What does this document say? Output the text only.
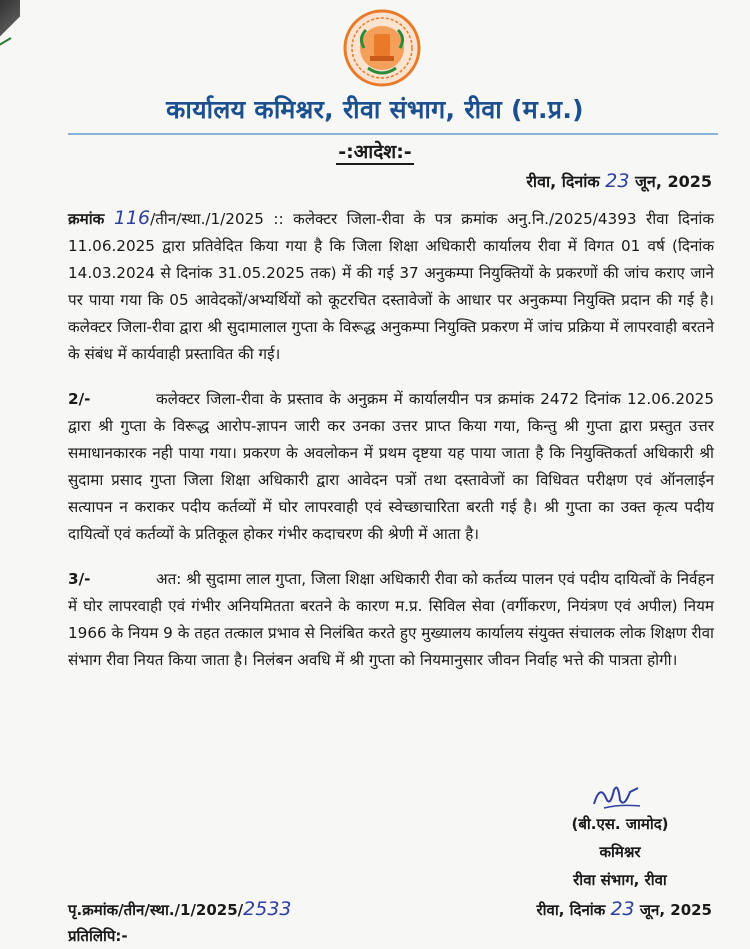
कार्यालय कमिश्नर, रीवा संभाग, रीवा (म.प्र.)
-:आदेश:-
रीवा, दिनांक 23 जून, 2025

क्रमांक 116/तीन/स्था./1/2025 :: कलेक्टर जिला-रीवा के पत्र क्रमांक अनु.नि./2025/4393 रीवा दिनांक 11.06.2025 द्वारा प्रतिवेदित किया गया है कि जिला शिक्षा अधिकारी कार्यालय रीवा में विगत 01 वर्ष (दिनांक 14.03.2024 से दिनांक 31.05.2025 तक) में की गई 37 अनुकम्पा नियुक्तियों के प्रकरणों की जांच कराए जाने पर पाया गया कि 05 आवेदकों/अभ्यर्थियों को कूटरचित दस्तावेजों के आधार पर अनुकम्पा नियुक्ति प्रदान की गई है। कलेक्टर जिला-रीवा द्वारा श्री सुदामालाल गुप्ता के विरूद्ध अनुकम्पा नियुक्ति प्रकरण में जांच प्रक्रिया में लापरवाही बरतने के संबंध में कार्यवाही प्रस्तावित की गई।

2/-	कलेक्टर जिला-रीवा के प्रस्ताव के अनुक्रम में कार्यालयीन पत्र क्रमांक 2472 दिनांक 12.06.2025 द्वारा श्री गुप्ता के विरूद्ध आरोप-ज्ञापन जारी कर उनका उत्तर प्राप्त किया गया, किन्तु श्री गुप्ता द्वारा प्रस्तुत उत्तर समाधानकारक नही पाया गया। प्रकरण के अवलोकन में प्रथम दृष्टया यह पाया जाता है कि नियुक्तिकर्ता अधिकारी श्री सुदामा प्रसाद गुप्ता जिला शिक्षा अधिकारी द्वारा आवेदन पत्रों तथा दस्तावेजों का विधिवत परीक्षण एवं ऑनलाईन सत्यापन न कराकर पदीय कर्तव्यों में घोर लापरवाही एवं स्वेच्छाचारिता बरती गई है। श्री गुप्ता का उक्त कृत्य पदीय दायित्वों एवं कर्तव्यों के प्रतिकूल होकर गंभीर कदाचरण की श्रेणी में आता है।

3/-	अत: श्री सुदामा लाल गुप्ता, जिला शिक्षा अधिकारी रीवा को कर्तव्य पालन एवं पदीय दायित्वों के निर्वहन में घोर लापरवाही एवं गंभीर अनियमितता बरतने के कारण म.प्र. सिविल सेवा (वर्गीकरण, नियंत्रण एवं अपील) नियम 1966 के नियम 9 के तहत तत्काल प्रभाव से निलंबित करते हुए मुख्यालय कार्यालय संयुक्त संचालक लोक शिक्षण रीवा संभाग रीवा नियत किया जाता है। निलंबन अवधि में श्री गुप्ता को नियमानुसार जीवन निर्वाह भत्ते की पात्रता होगी।

(बी.एस. जामोद)
कमिश्नर
रीवा संभाग, रीवा
पृ.क्रमांक/तीन/स्था./1/2025/2533	रीवा, दिनांक 23 जून, 2025
प्रतिलिपि:-
